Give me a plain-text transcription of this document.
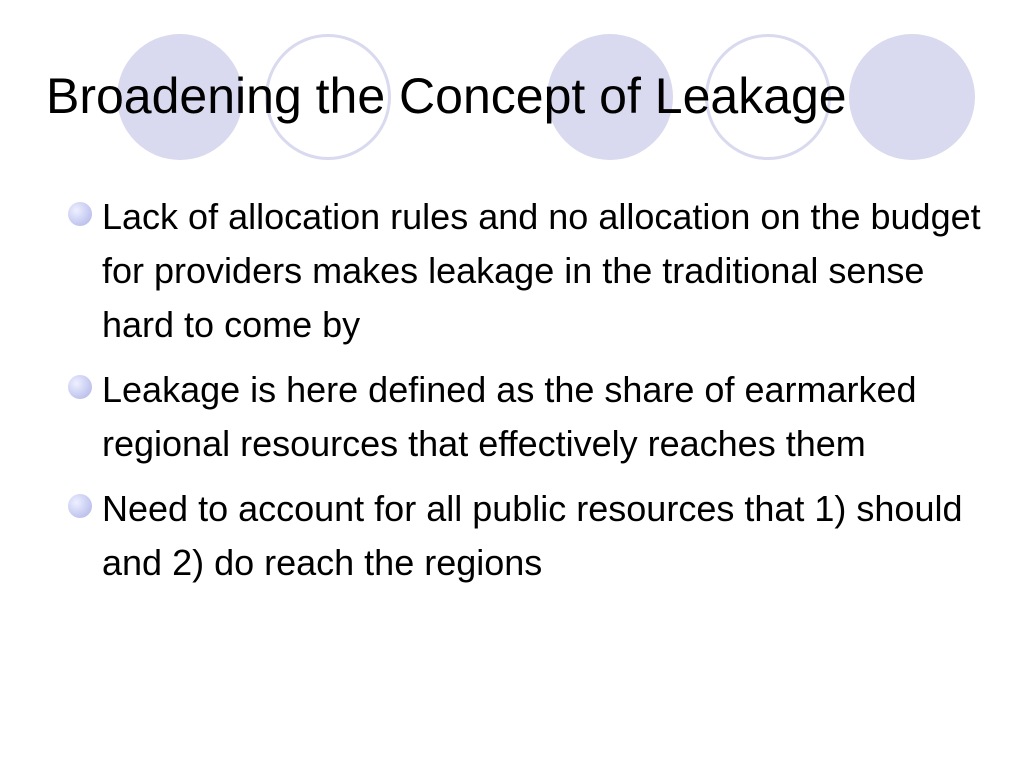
Broadening the Concept of Leakage
Lack of allocation rules and no allocation on the budget for providers makes leakage in the traditional sense hard to come by
Leakage is here defined as the share of earmarked regional resources that effectively reaches them
Need to account for all public resources that 1) should and 2) do reach the regions
